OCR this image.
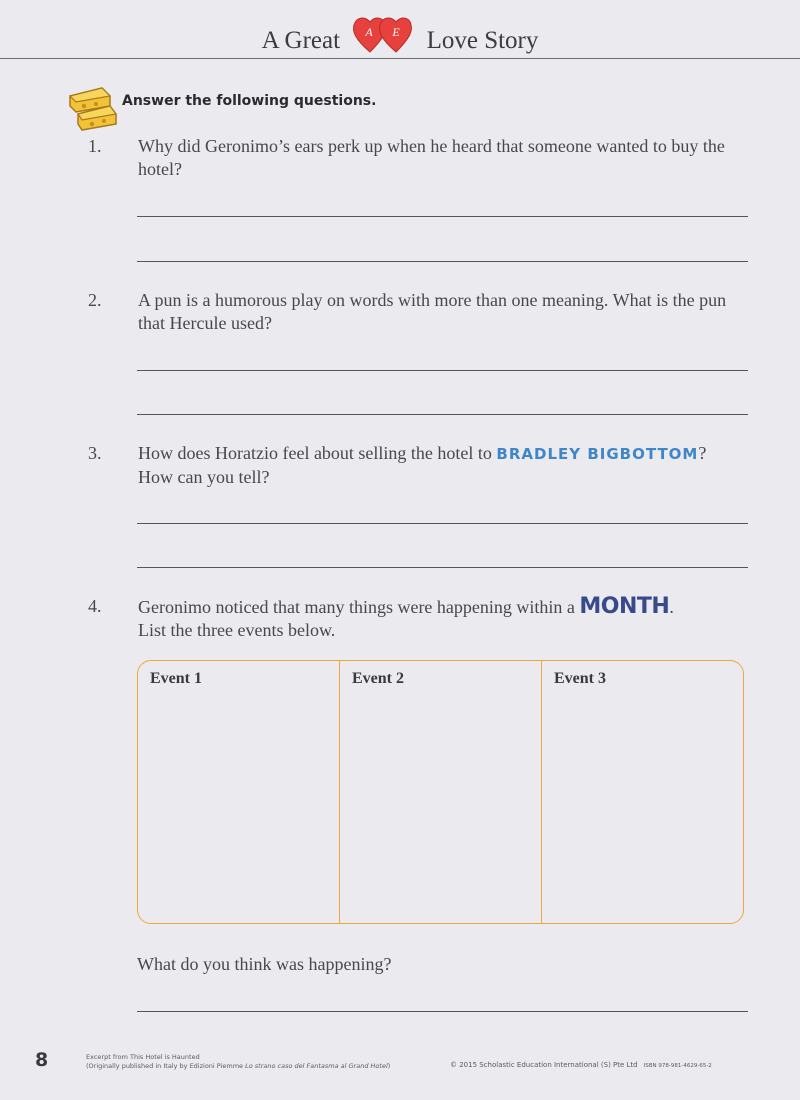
A Great A E Love Story
Answer the following questions.
1.	Why did Geronimo’s ears perk up when he heard that someone wanted to buy the hotel?
2.	A pun is a humorous play on words with more than one meaning. What is the pun that Hercule used?
3.	How does Horatzio feel about selling the hotel to BRADLEY BIGBOTTOM?
How can you tell?
4.	Geronimo noticed that many things were happening within a MONTH.
List the three events below.
Event 1	Event 2	Event 3
What do you think was happening?
8	Excerpt from This Hotel is Haunted
(Originally published in Italy by Edizioni Piemme Lo strano caso del Fantasma al Grand Hotel)	© 2015 Scholastic Education International (S) Pte Ltd ISBN 978-981-4629-65-2
